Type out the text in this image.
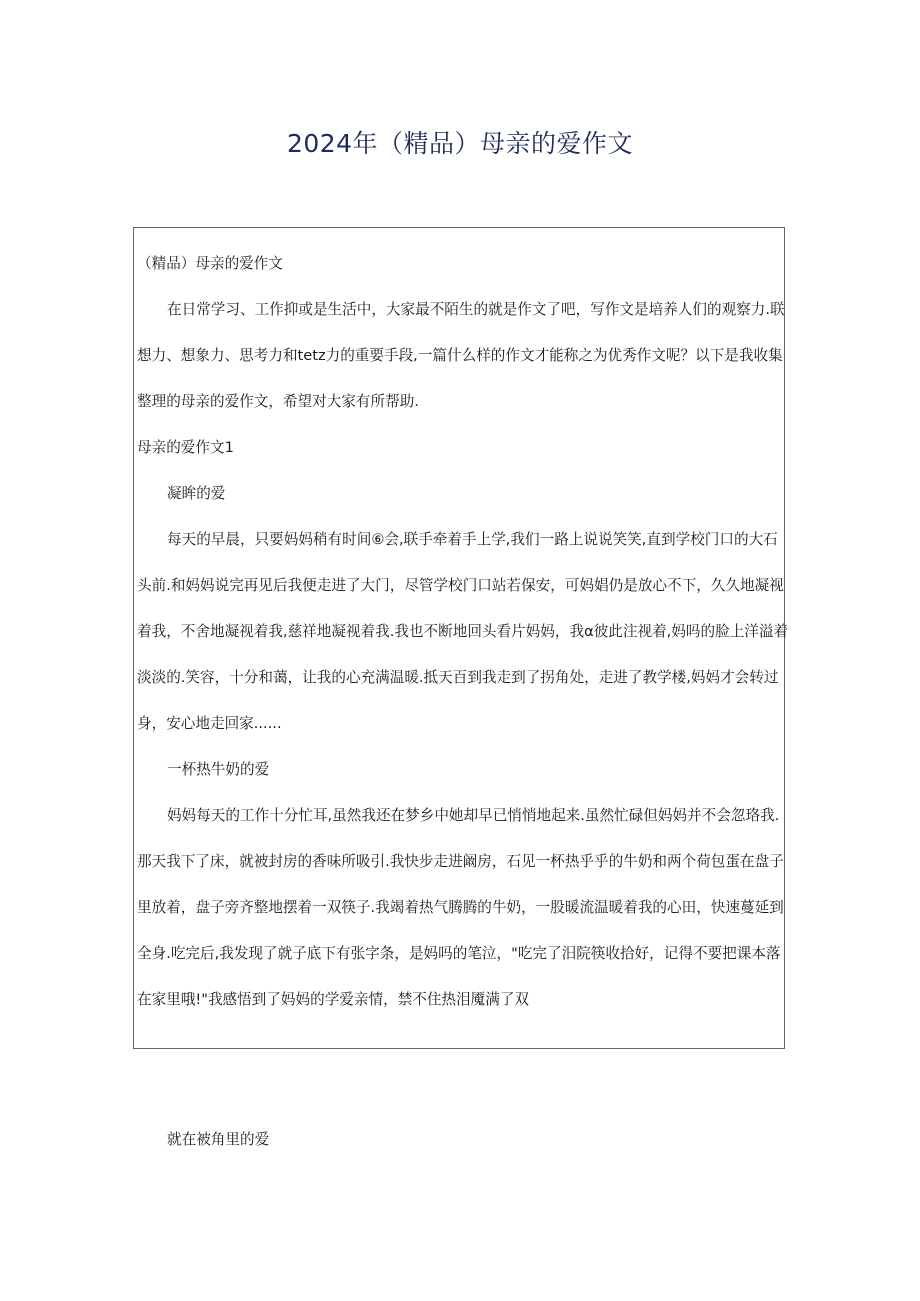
2024年（精品）母亲的爱作文
（精品）母亲的爱作文
在日常学习、工作抑或是生活中，大家最不陌生的就是作文了吧，写作文是培养人们的观察力.联
想力、想象力、思考力和tetz力的重要手段,一篇什么样的作文才能称之为优秀作文呢？以下是我收集
整理的母亲的爱作文，希望对大家有所帮助.
母亲的爱作文1
凝眸的爱
每天的早晨，只要妈妈稍有时间⑥会,联手牵着手上学,我们一路上说说笑笑,直到学校门口的大石
头前.和妈妈说完再见后我便走进了大门，尽管学校门口站若保安，可妈娼仍是放心不下，久久地凝视
着我，不舍地凝视着我,慈祥地凝视着我.我也不断地回头看片妈妈，我α彼此注视着,妈吗的脸上洋溢着
淡淡的.笑容，十分和蔼，让我的心充满温暖.抵天百到我走到了拐角处，走进了教学楼,妈妈才会转过
身，安心地走回家......
一杯热牛奶的爱
妈妈每天的工作十分忙耳,虽然我还在梦乡中她却早已悄悄地起来.虽然忙碌但妈妈并不会忽珞我.
那天我下了床，就被封房的香味所吸引.我快步走进阚房，石见一杯热乎乎的牛奶和两个荷包蛋在盘子
里放着，盘子旁齐整地摆着一双筷子.我竭着热气腾腾的牛奶，一股暖流温暖着我的心田，快速蔓延到
全身.吃完后,我发现了就子底下有张字条，是妈吗的笔泣，"吃完了汨院筷收拾好，记得不要把课本落
在家里哦!"我感悟到了妈妈的学爱亲情，禁不住热泪魇满了双
就在被角里的爱
